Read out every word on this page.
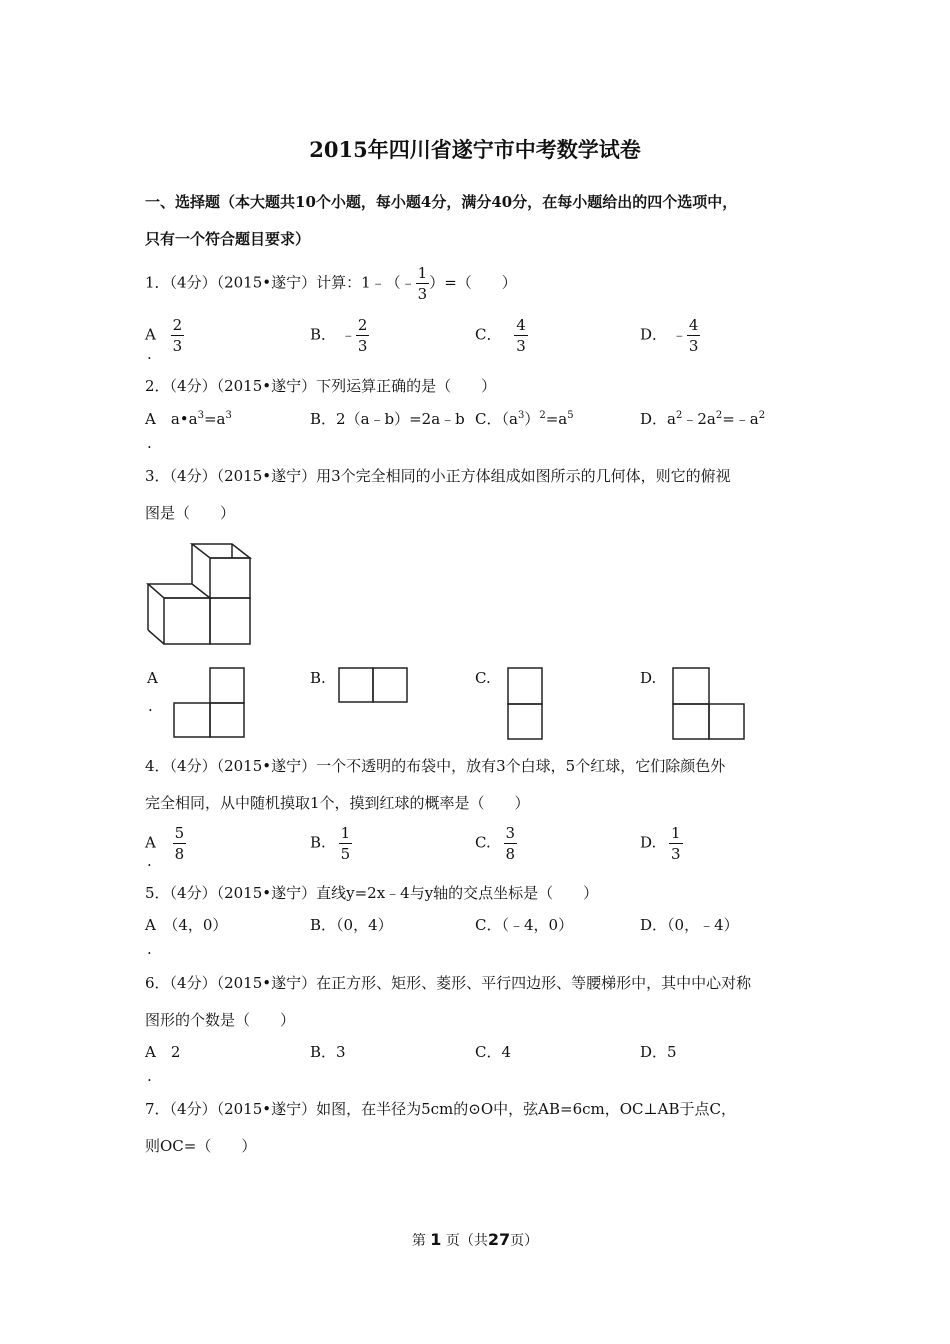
2015年四川省遂宁市中考数学试卷
一、选择题（本大题共10个小题，每小题4分，满分40分，在每小题给出的四个选项中，
只有一个符合题目要求）
1．（4分）（2015•遂宁）计算：1﹣（﹣ $\frac{1}{3}$ ）=（　　）
A $\frac{2}{3}$
.
B． ﹣ $\frac{2}{3}$	C． $\frac{4}{3}$	D． ﹣ $\frac{4}{3}$
2．（4分）（2015•遂宁）下列运算正确的是（　　）
A　$a•a^3=a^3$
.
B．2（a﹣b）=2a﹣b C．$(a^3)^2=a^5$	D．$a^2﹣2a^2=﹣a^2$
3．（4分）（2015•遂宁）用3个完全相同的小正方体组成如图所示的几何体，则它的俯视
图是（　　）
A
.
B.	C.	D.
4．（4分）（2015•遂宁）一个不透明的布袋中，放有3个白球，5个红球，它们除颜色外
完全相同，从中随机摸取1个，摸到红球的概率是（　　）
A $\frac{5}{8}$
.
B. $\frac{1}{5}$	C. $\frac{3}{8}$	D. $\frac{1}{3}$
5．（4分）（2015•遂宁）直线y=2x﹣4与y轴的交点坐标是（　　）
A　（4，0）
.
B．（0，4）	C．（﹣4，0）	D．（0，﹣4）
6．（4分）（2015•遂宁）在正方形、矩形、菱形、平行四边形、等腰梯形中，其中中心对称
图形的个数是（　　）
A　2
.
B．3	C．4	D．5
7．（4分）（2015•遂宁）如图，在半径为5cm的⊙O中，弦AB=6cm，OC⊥AB于点C，
则OC=（　　）
第 1 页（共27页）
